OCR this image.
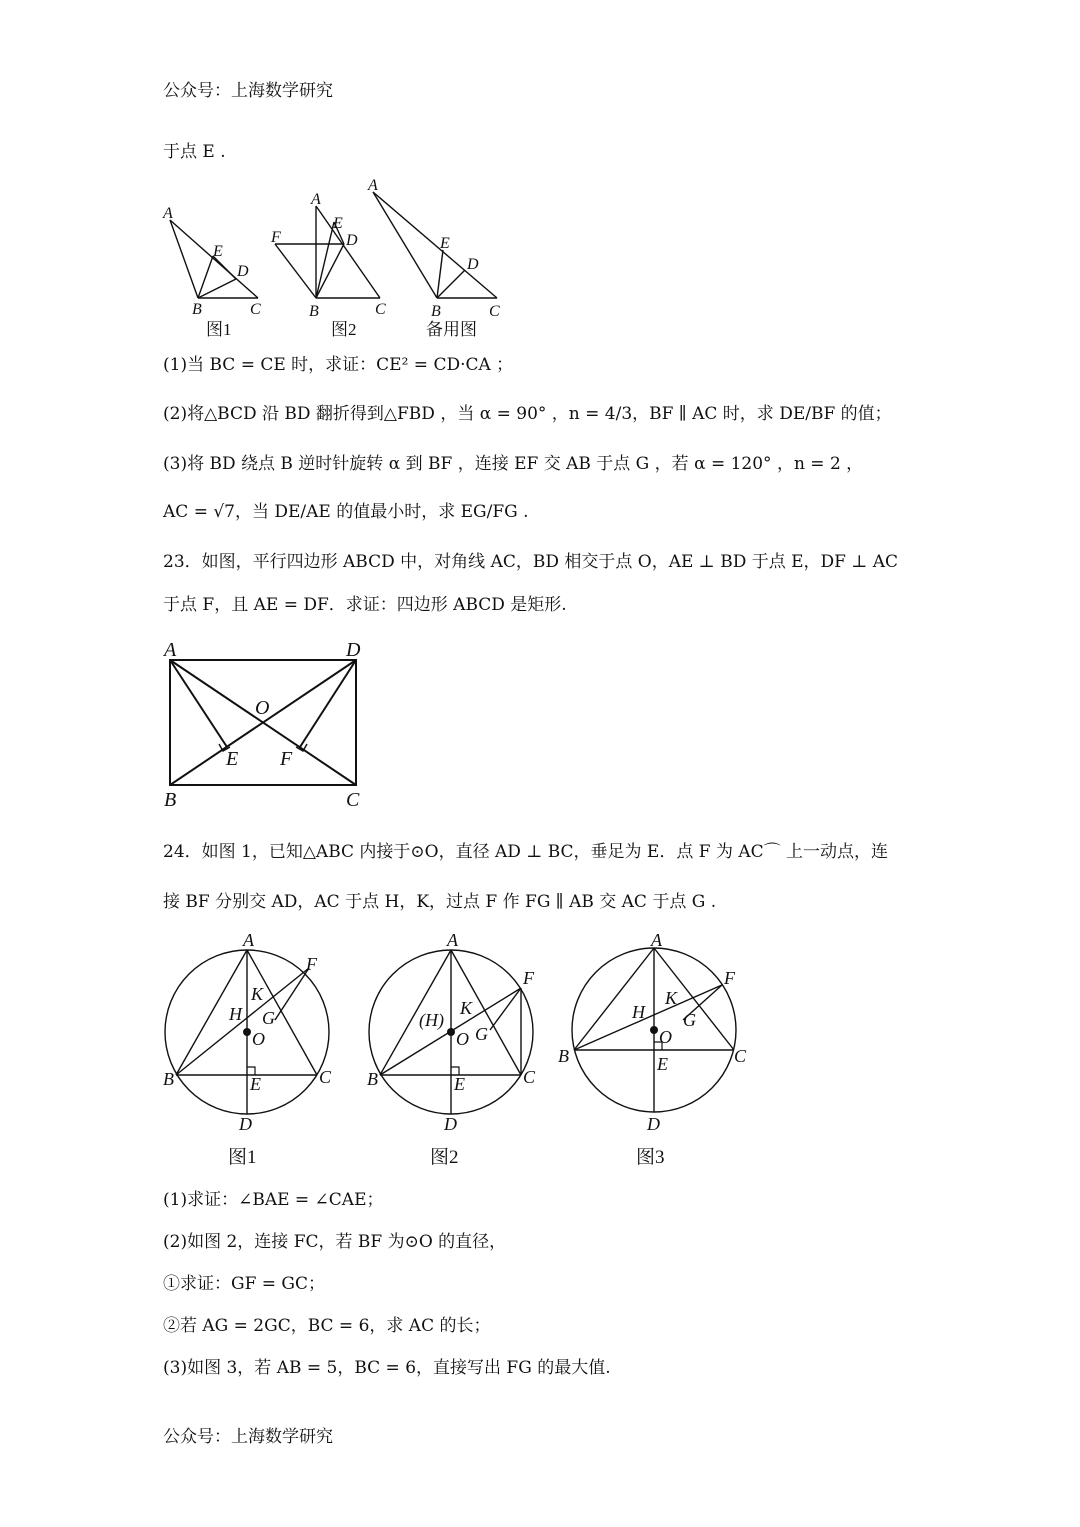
公众号：上海数学研究
于点 E .
A
E
D
B	C
A
E
D
F
B	C
A
E
D
B	C
图1	图2	备用图
A	D
O
E F
B	C
A
F
K
H G
O
B	C
E
D
A
F
K
(H)
G
O
B	C
E
D
A
F
K
H G
O
B	C
E
D
图1	图2	图3
(1)当 BC = CE 时，求证：CE² = CD·CA ；
(2)将△BCD 沿 BD 翻折得到△FBD ，当 α = 90° ，n = 4/3，BF ∥ AC 时，求 DE/BF 的值；
(3)将 BD 绕点 B 逆时针旋转 α 到 BF ，连接 EF 交 AB 于点 G ，若 α = 120° ，n = 2 ，
AC = √7，当 DE/AE 的值最小时，求 EG/FG .
23．如图，平行四边形 ABCD 中，对角线 AC，BD 相交于点 O，AE ⊥ BD 于点 E，DF ⊥ AC
于点 F，且 AE = DF．求证：四边形 ABCD 是矩形.
24．如图 1，已知△ABC 内接于⊙O，直径 AD ⊥ BC，垂足为 E．点 F 为 AC⌒ 上一动点，连
接 BF 分别交 AD，AC 于点 H，K，过点 F 作 FG ∥ AB 交 AC 于点 G .
(1)求证：∠BAE = ∠CAE；
(2)如图 2，连接 FC，若 BF 为⊙O 的直径，
①求证：GF = GC；
②若 AG = 2GC，BC = 6，求 AC 的长；
(3)如图 3，若 AB = 5，BC = 6，直接写出 FG 的最大值.
公众号：上海数学研究
